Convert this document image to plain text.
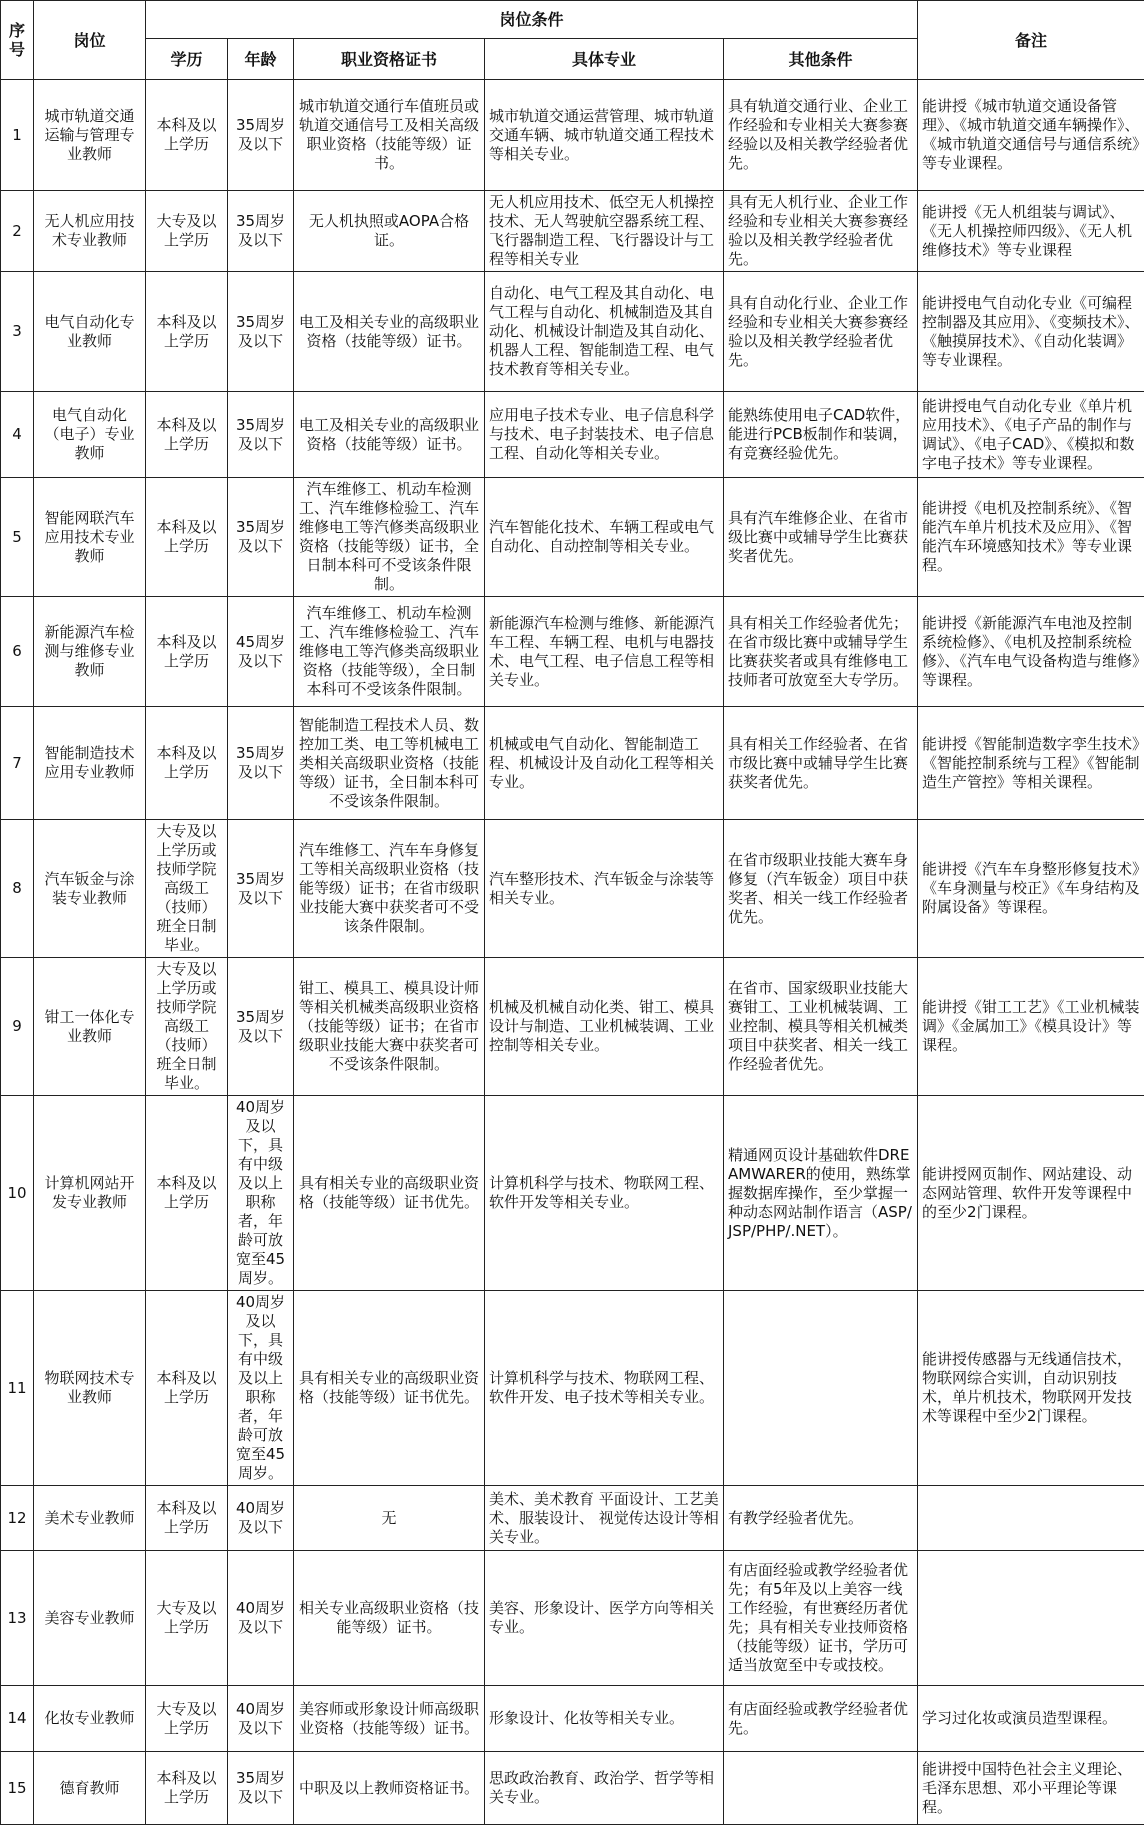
序号	岗位	岗位条件					备注
		学历	年龄	职业资格证书	具体专业	其他条件	
1	城市轨道交通运输与管理专业教师	本科及以上学历	35周岁及以下	城市轨道交通行车值班员或轨道交通信号工及相关高级职业资格（技能等级）证书。	城市轨道交通运营管理、城市轨道交通车辆、城市轨道交通工程技术等相关专业。	具有轨道交通行业、企业工作经验和专业相关大赛参赛经验以及相关教学经验者优先。	能讲授《城市轨道交通设备管理》、《城市轨道交通车辆操作》、《城市轨道交通信号与通信系统》等专业课程。
2	无人机应用技术专业教师	大专及以上学历	35周岁及以下	无人机执照或AOPA合格证。	无人机应用技术、低空无人机操控技术、无人驾驶航空器系统工程、飞行器制造工程、飞行器设计与工程等相关专业	具有无人机行业、企业工作经验和专业相关大赛参赛经验以及相关教学经验者优先。	能讲授《无人机组装与调试》、《无人机操控师四级》、《无人机维修技术》等专业课程
3	电气自动化专业教师	本科及以上学历	35周岁及以下	电工及相关专业的高级职业资格（技能等级）证书。	自动化、电气工程及其自动化、电气工程与自动化、机械制造及其自动化、机械设计制造及其自动化、机器人工程、智能制造工程、电气技术教育等相关专业。	具有自动化行业、企业工作经验和专业相关大赛参赛经验以及相关教学经验者优先。	能讲授电气自动化专业《可编程控制器及其应用》、《变频技术》、《触摸屏技术》、《自动化装调》等专业课程。
4	电气自动化（电子）专业教师	本科及以上学历	35周岁及以下	电工及相关专业的高级职业资格（技能等级）证书。	应用电子技术专业、电子信息科学与技术、电子封装技术、电子信息工程、自动化等相关专业。	能熟练使用电子CAD软件，能进行PCB板制作和装调，有竞赛经验优先。	能讲授电气自动化专业《单片机应用技术》、《电子产品的制作与调试》、《电子CAD》、《模拟和数字电子技术》等专业课程。
5	智能网联汽车应用技术专业教师	本科及以上学历	35周岁及以下	汽车维修工、机动车检测工、汽车维修检验工、汽车维修电工等汽修类高级职业资格（技能等级）证书，全日制本科可不受该条件限制。	汽车智能化技术、车辆工程或电气自动化、自动控制等相关专业。	具有汽车维修企业、在省市级比赛中或辅导学生比赛获奖者优先。	能讲授《电机及控制系统》、《智能汽车单片机技术及应用》、《智能汽车环境感知技术》等专业课程。
6	新能源汽车检测与维修专业教师	本科及以上学历	45周岁及以下	汽车维修工、机动车检测工、汽车维修检验工、汽车维修电工等汽修类高级职业资格（技能等级），全日制本科可不受该条件限制。	新能源汽车检测与维修、新能源汽车工程、车辆工程、电机与电器技术、电气工程、电子信息工程等相关专业。	具有相关工作经验者优先；在省市级比赛中或辅导学生比赛获奖者或具有维修电工技师者可放宽至大专学历。	能讲授《新能源汽车电池及控制系统检修》、《电机及控制系统检修》、《汽车电气设备构造与维修》等课程。
7	智能制造技术应用专业教师	本科及以上学历	35周岁及以下	智能制造工程技术人员、数控加工类、电工等机械电工类相关高级职业资格（技能等级）证书，全日制本科可不受该条件限制。	机械或电气自动化、智能制造工程、机械设计及自动化工程等相关专业。	具有相关工作经验者、在省市级比赛中或辅导学生比赛获奖者优先。	能讲授《智能制造数字孪生技术》《智能控制系统与工程》《智能制造生产管控》等相关课程。
8	汽车钣金与涂装专业教师	大专及以上学历或技师学院高级工（技师）班全日制毕业。	35周岁及以下	汽车维修工、汽车车身修复工等相关高级职业资格（技能等级）证书；在省市级职业技能大赛中获奖者可不受该条件限制。	汽车整形技术、汽车钣金与涂装等相关专业。	在省市级职业技能大赛车身修复（汽车钣金）项目中获奖者、相关一线工作经验者优先。	能讲授《汽车车身整形修复技术》《车身测量与校正》《车身结构及附属设备》等课程。
9	钳工一体化专业教师	大专及以上学历或技师学院高级工（技师）班全日制毕业。	35周岁及以下	钳工、模具工、模具设计师等相关机械类高级职业资格（技能等级）证书；在省市级职业技能大赛中获奖者可不受该条件限制。	机械及机械自动化类、钳工、模具设计与制造、工业机械装调、工业控制等相关专业。	在省市、国家级职业技能大赛钳工、工业机械装调、工业控制、模具等相关机械类项目中获奖者、相关一线工作经验者优先。	能讲授《钳工工艺》《工业机械装调》《金属加工》《模具设计》等课程。
10	计算机网站开发专业教师	本科及以上学历	40周岁及以下，具有中级及以上职称者，年龄可放宽至45周岁。	具有相关专业的高级职业资格（技能等级）证书优先。	计算机科学与技术、物联网工程、软件开发等相关专业。	精通网页设计基础软件DREAMWARER的使用，熟练掌握数据库操作，至少掌握一种动态网站制作语言（ASP/JSP/PHP/.NET）。	能讲授网页制作、网站建设、动态网站管理、软件开发等课程中的至少2门课程。
11	物联网技术专业教师	本科及以上学历	40周岁及以下，具有中级及以上职称者，年龄可放宽至45周岁。	具有相关专业的高级职业资格（技能等级）证书优先。	计算机科学与技术、物联网工程、软件开发、电子技术等相关专业。		能讲授传感器与无线通信技术，物联网综合实训，自动识别技术，单片机技术，物联网开发技术等课程中至少2门课程。
12	美术专业教师	本科及以上学历	40周岁及以下	无	美术、美术教育 平面设计、工艺美术、服装设计、 视觉传达设计等相关专业。	有教学经验者优先。	
13	美容专业教师	大专及以上学历	40周岁及以下	相关专业高级职业资格（技能等级）证书。	美容、形象设计、医学方向等相关专业。	有店面经验或教学经验者优先；有5年及以上美容一线工作经验，有世赛经历者优先；具有相关专业技师资格（技能等级）证书，学历可适当放宽至中专或技校。	
14	化妆专业教师	大专及以上学历	40周岁及以下	美容师或形象设计师高级职业资格（技能等级）证书。	形象设计、化妆等相关专业。	有店面经验或教学经验者优先。	学习过化妆或演员造型课程。
15	德育教师	本科及以上学历	35周岁及以下	中职及以上教师资格证书。	思政政治教育、政治学、哲学等相关专业。		能讲授中国特色社会主义理论、毛泽东思想、邓小平理论等课程。
